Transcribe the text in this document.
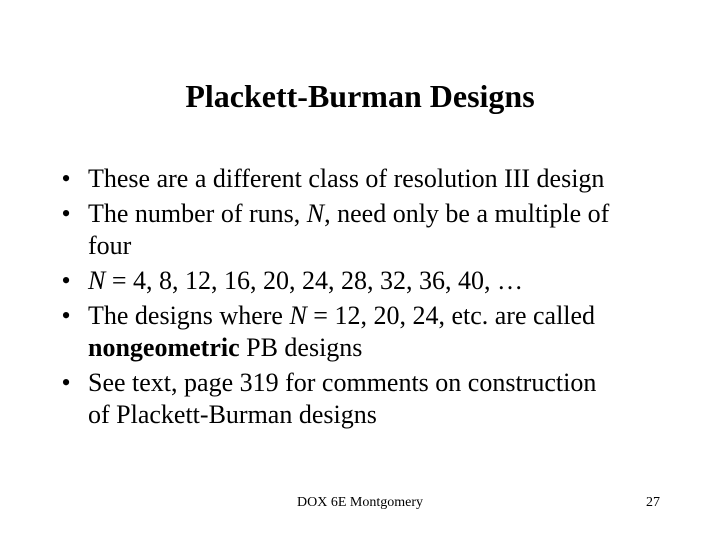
Plackett-Burman Designs
• These are a different class of resolution III design
• The number of runs, N, need only be a multiple of
four
• N = 4, 8, 12, 16, 20, 24, 28, 32, 36, 40, …
• The designs where N = 12, 20, 24, etc. are called
nongeometric PB designs
• See text, page 319 for comments on construction
of Plackett-Burman designs
DOX 6E Montgomery	27
